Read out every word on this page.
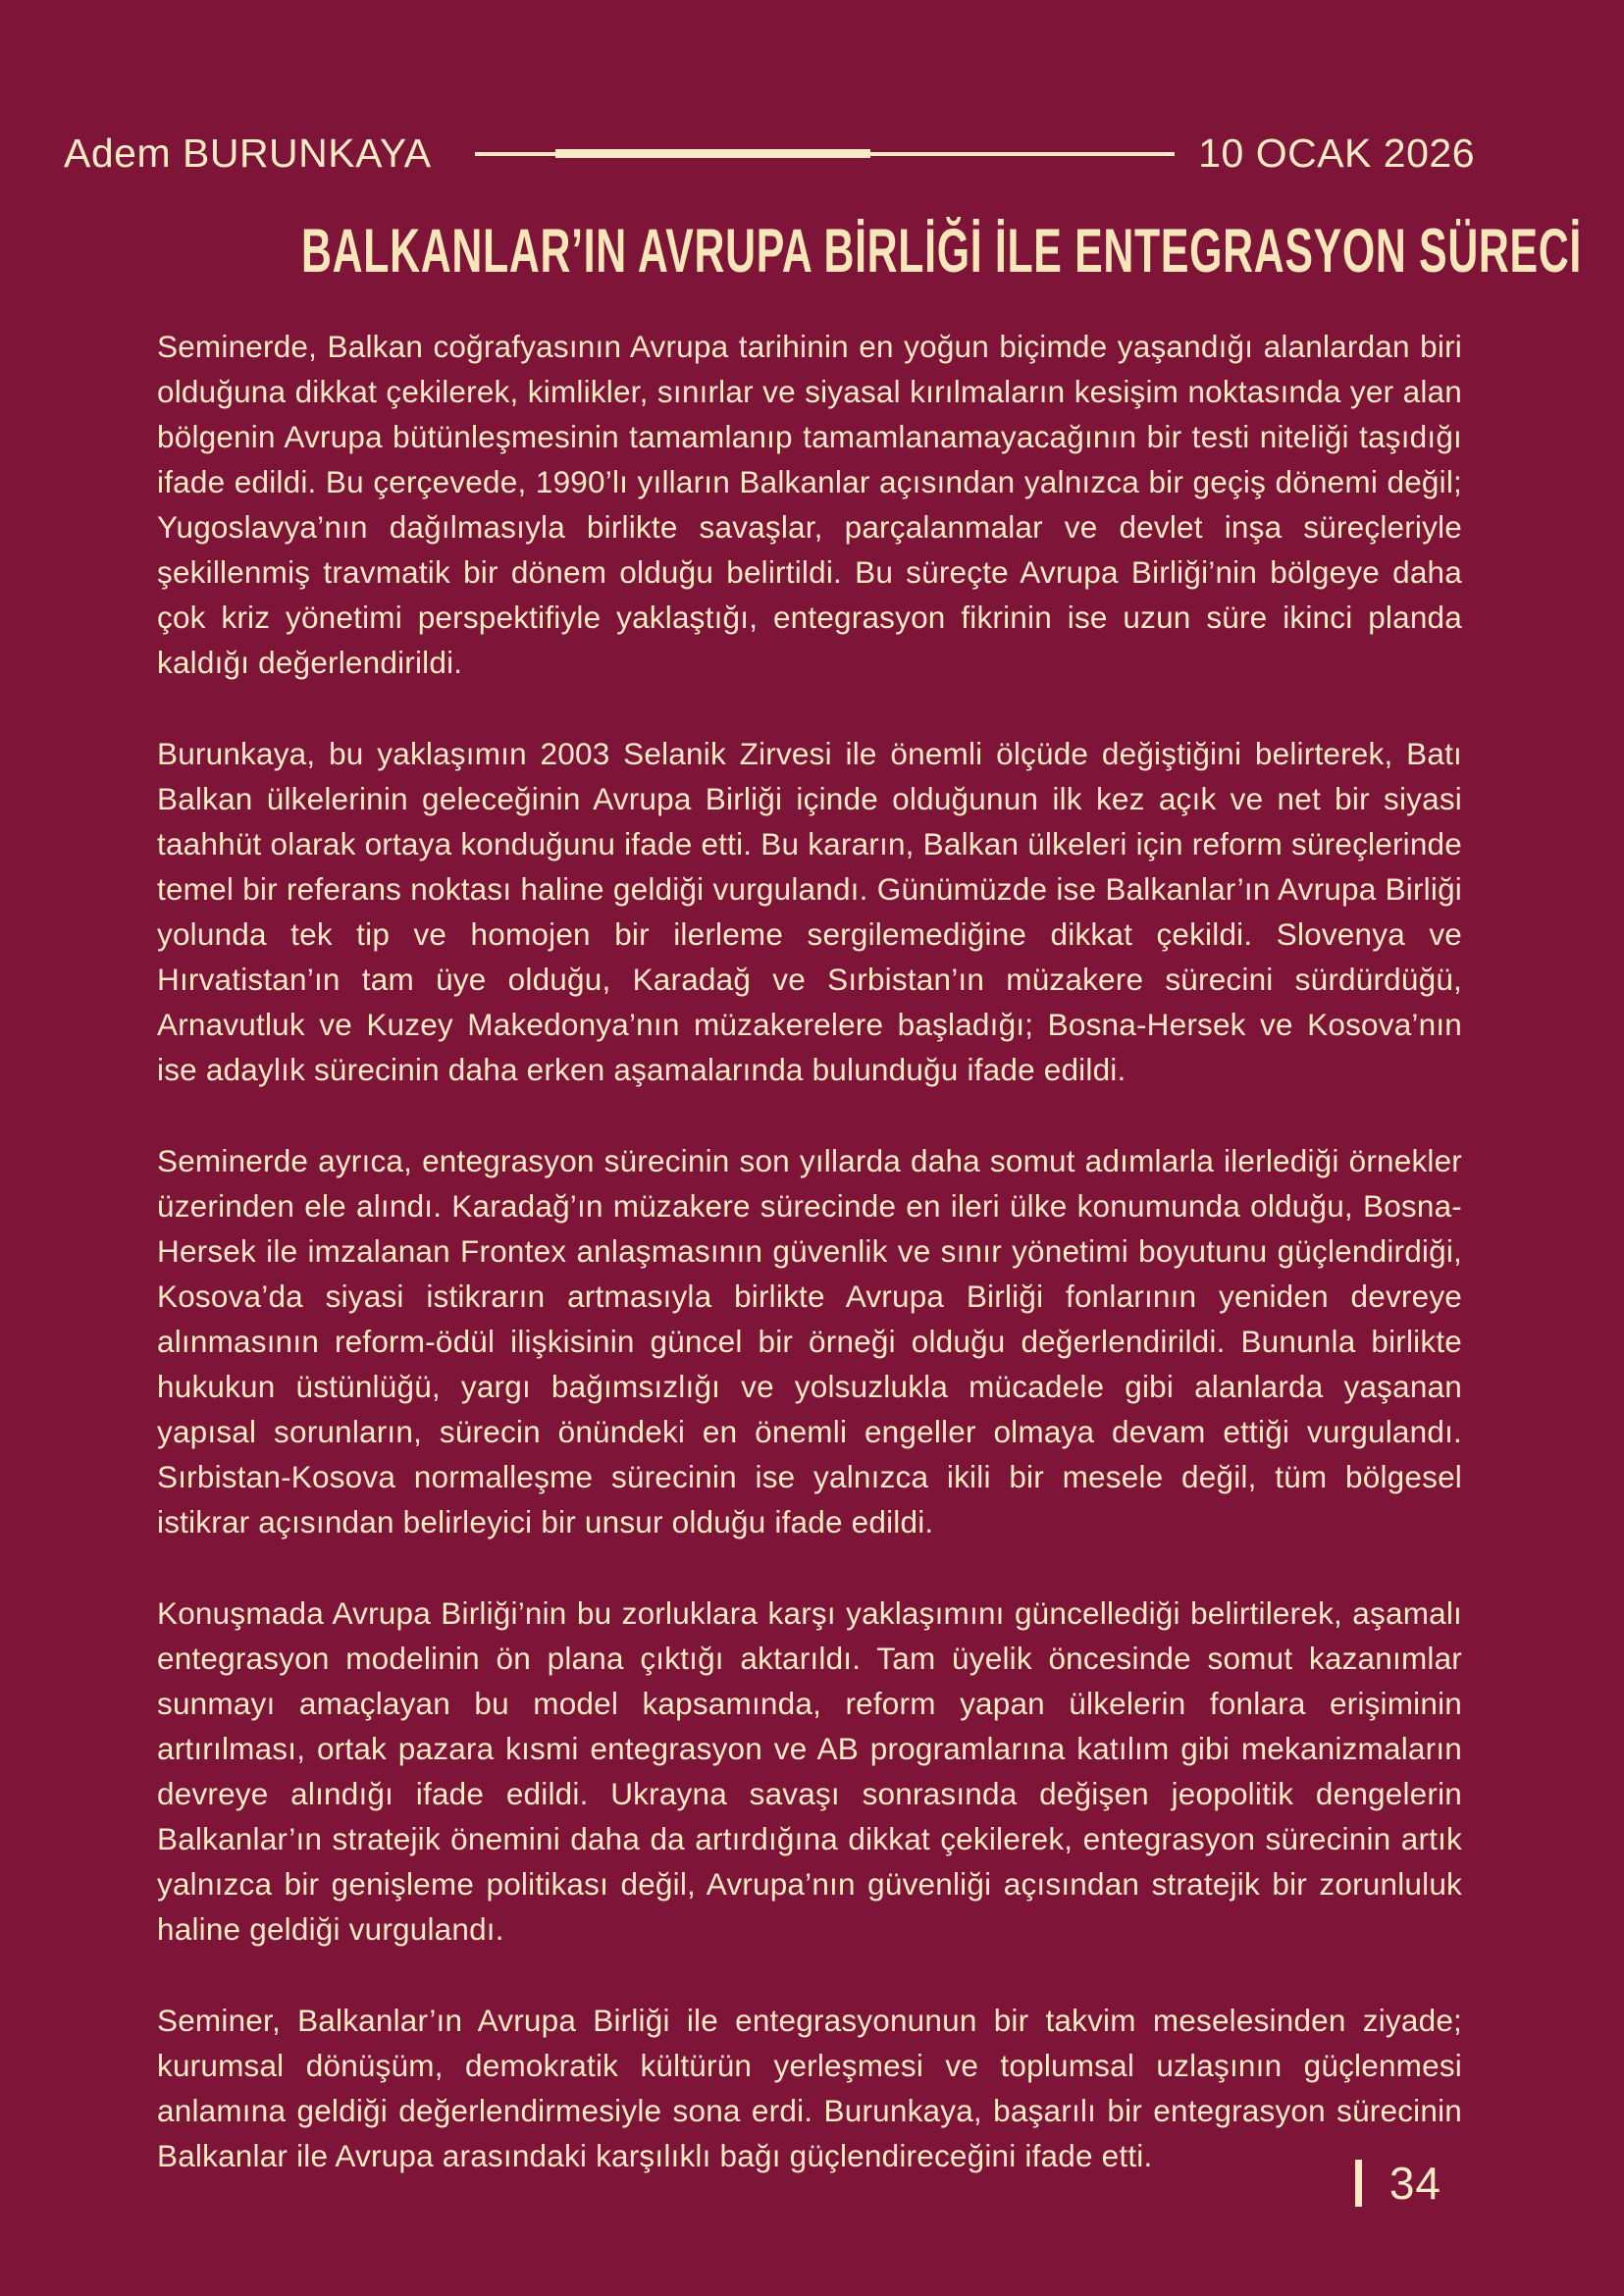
Adem BURUNKAYA	10 OCAK 2026
BALKANLAR’IN AVRUPA BİRLİĞİ İLE ENTEGRASYON SÜRECİ

Seminerde, Balkan coğrafyasının Avrupa tarihinin en yoğun biçimde yaşandığı alanlardan biri olduğuna dikkat çekilerek, kimlikler, sınırlar ve siyasal kırılmaların kesişim noktasında yer alan bölgenin Avrupa bütünleşmesinin tamamlanıp tamamlanamayacağının bir testi niteliği taşıdığı ifade edildi. Bu çerçevede, 1990’lı yılların Balkanlar açısından yalnızca bir geçiş dönemi değil; Yugoslavya’nın dağılmasıyla birlikte savaşlar, parçalanmalar ve devlet inşa süreçleriyle şekillenmiş travmatik bir dönem olduğu belirtildi. Bu süreçte Avrupa Birliği’nin bölgeye daha çok kriz yönetimi perspektifiyle yaklaştığı, entegrasyon fikrinin ise uzun süre ikinci planda kaldığı değerlendirildi.

Burunkaya, bu yaklaşımın 2003 Selanik Zirvesi ile önemli ölçüde değiştiğini belirterek, Batı Balkan ülkelerinin geleceğinin Avrupa Birliği içinde olduğunun ilk kez açık ve net bir siyasi taahhüt olarak ortaya konduğunu ifade etti. Bu kararın, Balkan ülkeleri için reform süreçlerinde temel bir referans noktası haline geldiği vurgulandı. Günümüzde ise Balkanlar’ın Avrupa Birliği yolunda tek tip ve homojen bir ilerleme sergilemediğine dikkat çekildi. Slovenya ve Hırvatistan’ın tam üye olduğu, Karadağ ve Sırbistan’ın müzakere sürecini sürdürdüğü, Arnavutluk ve Kuzey Makedonya’nın müzakerelere başladığı; Bosna-Hersek ve Kosova’nın ise adaylık sürecinin daha erken aşamalarında bulunduğu ifade edildi.

Seminerde ayrıca, entegrasyon sürecinin son yıllarda daha somut adımlarla ilerlediği örnekler üzerinden ele alındı. Karadağ’ın müzakere sürecinde en ileri ülke konumunda olduğu, Bosna-Hersek ile imzalanan Frontex anlaşmasının güvenlik ve sınır yönetimi boyutunu güçlendirdiği, Kosova’da siyasi istikrarın artmasıyla birlikte Avrupa Birliği fonlarının yeniden devreye alınmasının reform-ödül ilişkisinin güncel bir örneği olduğu değerlendirildi. Bununla birlikte hukukun üstünlüğü, yargı bağımsızlığı ve yolsuzlukla mücadele gibi alanlarda yaşanan yapısal sorunların, sürecin önündeki en önemli engeller olmaya devam ettiği vurgulandı. Sırbistan-Kosova normalleşme sürecinin ise yalnızca ikili bir mesele değil, tüm bölgesel istikrar açısından belirleyici bir unsur olduğu ifade edildi.

Konuşmada Avrupa Birliği’nin bu zorluklara karşı yaklaşımını güncellediği belirtilerek, aşamalı entegrasyon modelinin ön plana çıktığı aktarıldı. Tam üyelik öncesinde somut kazanımlar sunmayı amaçlayan bu model kapsamında, reform yapan ülkelerin fonlara erişiminin artırılması, ortak pazara kısmi entegrasyon ve AB programlarına katılım gibi mekanizmaların devreye alındığı ifade edildi. Ukrayna savaşı sonrasında değişen jeopolitik dengelerin Balkanlar’ın stratejik önemini daha da artırdığına dikkat çekilerek, entegrasyon sürecinin artık yalnızca bir genişleme politikası değil, Avrupa’nın güvenliği açısından stratejik bir zorunluluk haline geldiği vurgulandı.

Seminer, Balkanlar’ın Avrupa Birliği ile entegrasyonunun bir takvim meselesinden ziyade; kurumsal dönüşüm, demokratik kültürün yerleşmesi ve toplumsal uzlaşının güçlenmesi anlamına geldiği değerlendirmesiyle sona erdi. Burunkaya, başarılı bir entegrasyon sürecinin Balkanlar ile Avrupa arasındaki karşılıklı bağı güçlendireceğini ifade etti.

34
